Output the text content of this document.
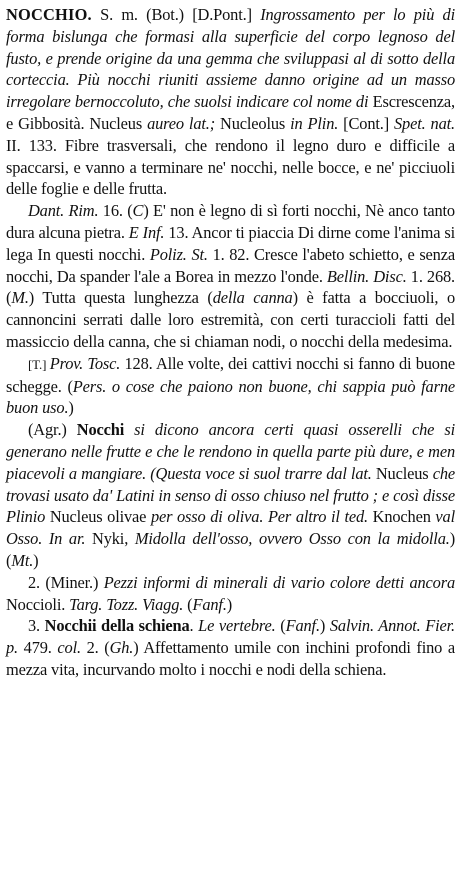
NOCCHIO. S. m. (Bot.) [D.Pont.] Ingrossamento per lo più di forma bislunga che formasi alla superficie del corpo legnoso del fusto, e prende origine da una gemma che sviluppasi al di sotto della corteccia. Più nocchi riuniti assieme danno origine ad un masso irregolare bernoccoluto, che suolsi indicare col nome di Escrescenza, e Gibbosità. Nucleus aureo lat.; Nucleolus in Plin. [Cont.] Spet. nat. II. 133. Fibre trasversali, che rendono il legno duro e difficile a spaccarsi, e vanno a terminare ne' nocchi, nelle bocce, e ne' picciuoli delle foglie e delle frutta.

Dant. Rim. 16. (C) E' non è legno di sì forti nocchi, Nè anco tanto dura alcuna pietra. E Inf. 13. Ancor ti piaccia Di dirne come l'anima si lega In questi nocchi. Poliz. St. 1. 82. Cresce l'abeto schietto, e senza nocchi, Da spander l'ale a Borea in mezzo l'onde. Bellin. Disc. 1. 268. (M.) Tutta questa lunghezza (della canna) è fatta a bocciuoli, o cannoncini serrati dalle loro estremità, con certi turaccioli fatti del massiccio della canna, che si chiaman nodi, o nocchi della medesima.

[T.] Prov. Tosc. 128. Alle volte, dei cattivi nocchi si fanno di buone schegge. (Pers. o cose che paiono non buone, chi sappia può farne buon uso.)

(Agr.) Nocchi si dicono ancora certi quasi osserelli che si generano nelle frutte e che le rendono in quella parte più dure, e men piacevoli a mangiare. (Questa voce si suol trarre dal lat. Nucleus che trovasi usato da' Latini in senso di osso chiuso nel frutto ; e così disse Plinio Nucleus olivae per osso di oliva. Per altro il ted. Knochen val Osso. In ar. Nyki, Midolla dell'osso, ovvero Osso con la midolla.) (Mt.)

2. (Miner.) Pezzi informi di minerali di vario colore detti ancora Noccioli. Targ. Tozz. Viagg. (Fanf.)

3. Nocchii della schiena. Le vertebre. (Fanf.) Salvin. Annot. Fier. p. 479. col. 2. (Gh.) Affettamento umile con inchini profondi fino a mezza vita, incurvando molto i nocchi e nodi della schiena.
